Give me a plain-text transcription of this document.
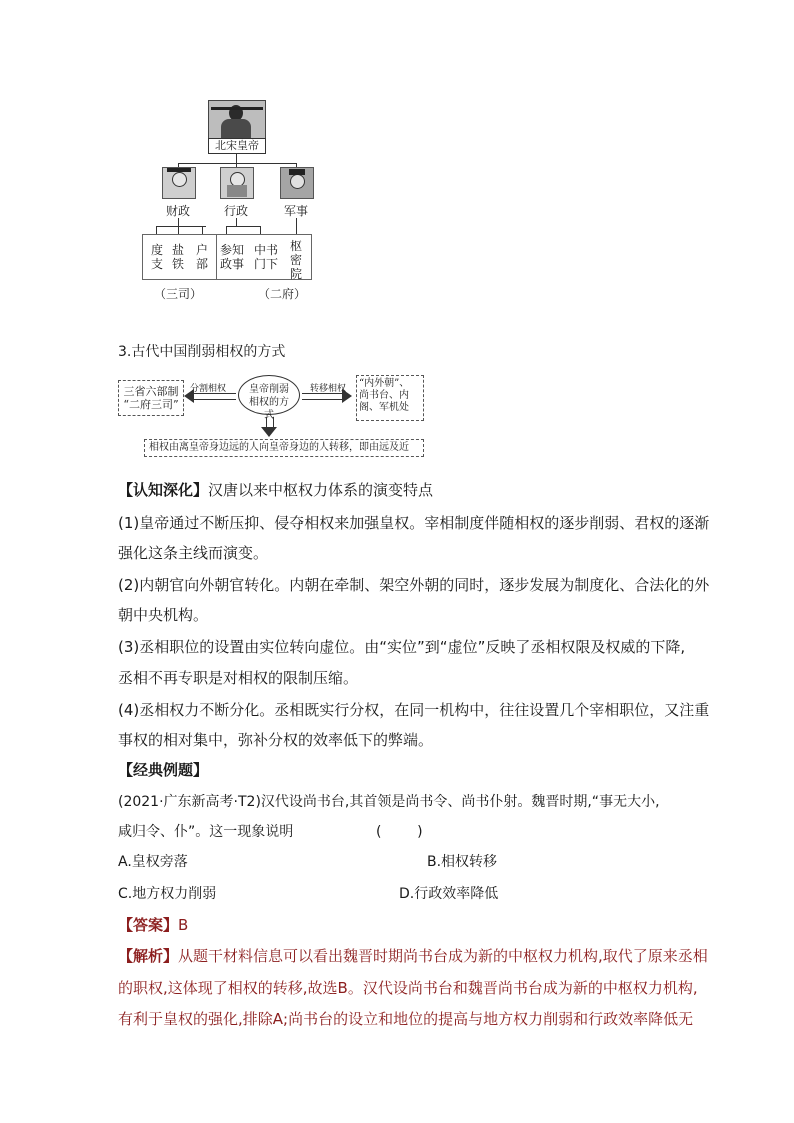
北宋皇帝
财政	行政	军事
度支
盐铁
户部
参知政事
中书门下
枢密院
（三司）	（二府）
3.古代中国削弱相权的方式
三省六部制
“二府三司”
分割相权	皇帝削弱相权的方式
转移相权	“内外朝”、
尚书台、内
阁、军机处
相权由离皇帝身边远的人向皇帝身边的人转移，即由远及近
【认知深化】汉唐以来中枢权力体系的演变特点
(1)皇帝通过不断压抑、侵夺相权来加强皇权。宰相制度伴随相权的逐步削弱、君权的逐渐
强化这条主线而演变。
(2)内朝官向外朝官转化。内朝在牵制、架空外朝的同时，逐步发展为制度化、合法化的外
朝中央机构。
(3)丞相职位的设置由实位转向虚位。由“实位”到“虚位”反映了丞相权限及权威的下降,
丞相不再专职是对相权的限制压缩。
(4)丞相权力不断分化。丞相既实行分权，在同一机构中，往往设置几个宰相职位，又注重
事权的相对集中，弥补分权的效率低下的弊端。
【经典例题】
(2021·广东新高考·T2)汉代设尚书台,其首领是尚书令、尚书仆射。魏晋时期,“事无大小,
咸归令、仆”。这一现象说明	(        )
A.皇权旁落	B.相权转移
C.地方权力削弱	D.行政效率降低
【答案】B
【解析】从题干材料信息可以看出魏晋时期尚书台成为新的中枢权力机构,取代了原来丞相
的职权,这体现了相权的转移,故选B。汉代设尚书台和魏晋尚书台成为新的中枢权力机构,
有利于皇权的强化,排除A;尚书台的设立和地位的提高与地方权力削弱和行政效率降低无
